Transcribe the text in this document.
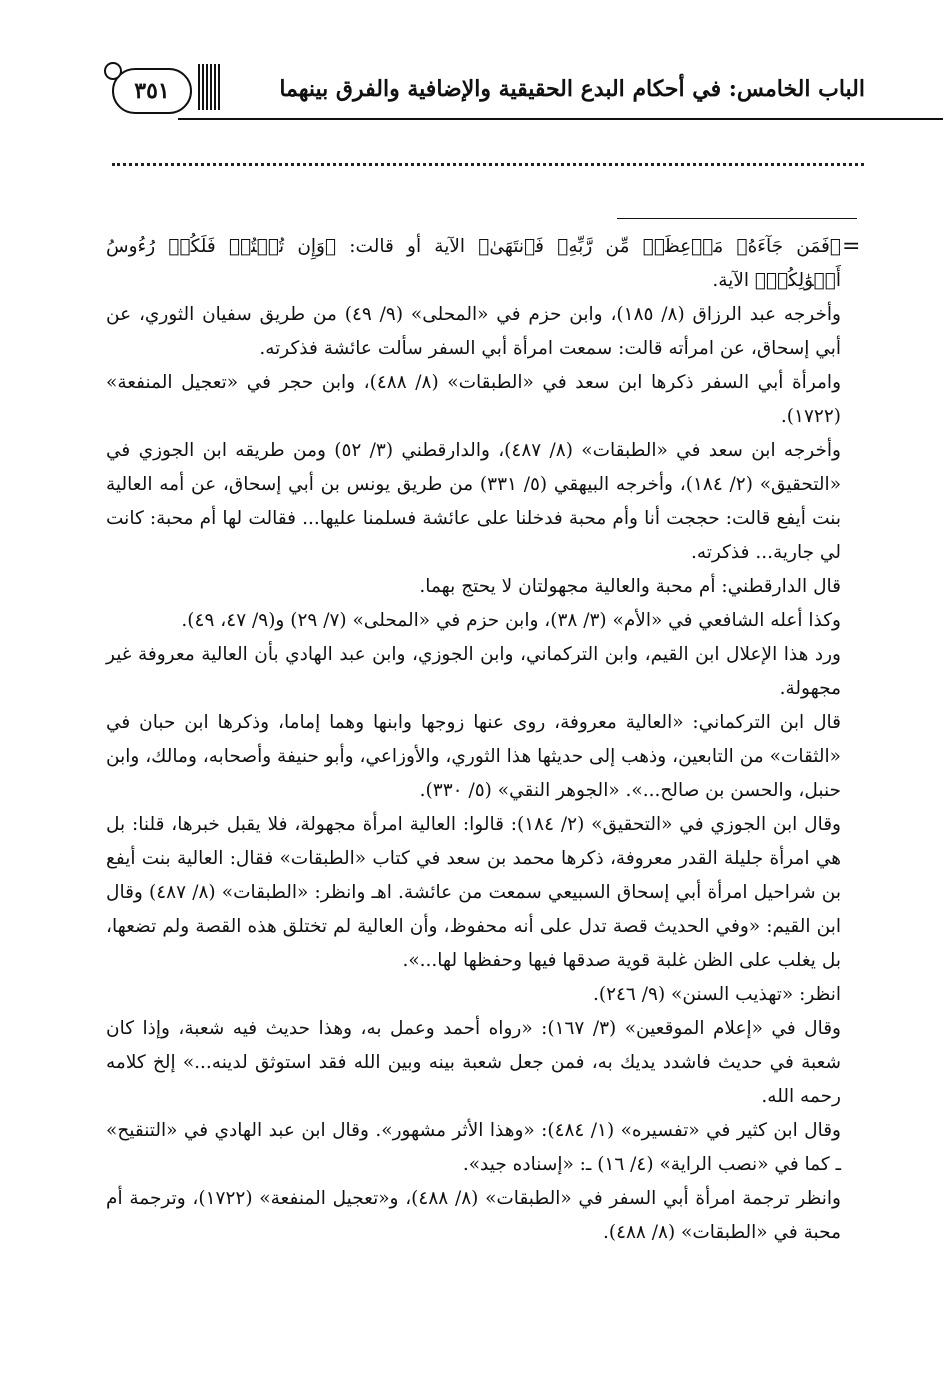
الباب الخامس: في أحكام البدع الحقيقية والإضافية والفرق بينهما
٣٥١
=

﴿فَمَن جَآءَهُۥ مَوۡعِظَةٞ مِّن رَّبِّهِۦ فَٱنتَهَىٰ﴾ الآية أو قالت: ﴿وَإِن تُبۡتُمۡ فَلَكُمۡ رُءُوسُ أَمۡوَٰلِكُمۡ﴾ الآية.

وأخرجه عبد الرزاق (٨/ ١٨٥)، وابن حزم في «المحلى» (٩/ ٤٩) من طريق سفيان الثوري، عن أبي إسحاق، عن امرأته قالت: سمعت امرأة أبي السفر سألت عائشة فذكرته.

وامرأة أبي السفر ذكرها ابن سعد في «الطبقات» (٨/ ٤٨٨)، وابن حجر في «تعجيل المنفعة» (١٧٢٢).

وأخرجه ابن سعد في «الطبقات» (٨/ ٤٨٧)، والدارقطني (٣/ ٥٢) ومن طريقه ابن الجوزي في «التحقيق» (٢/ ١٨٤)، وأخرجه البيهقي (٥/ ٣٣١) من طريق يونس بن أبي إسحاق، عن أمه العالية بنت أيفع قالت: حججت أنا وأم محبة فدخلنا على عائشة فسلمنا عليها... فقالت لها أم محبة: كانت لي جارية... فذكرته.

قال الدارقطني: أم محبة والعالية مجهولتان لا يحتج بهما.

وكذا أعله الشافعي في «الأم» (٣/ ٣٨)، وابن حزم في «المحلى» (٧/ ٢٩) و(٩/ ٤٧، ٤٩).

ورد هذا الإعلال ابن القيم، وابن التركماني، وابن الجوزي، وابن عبد الهادي بأن العالية معروفة غير مجهولة.

قال ابن التركماني: «العالية معروفة، روى عنها زوجها وابنها وهما إماما، وذكرها ابن حبان في «الثقات» من التابعين، وذهب إلى حديثها هذا الثوري، والأوزاعي، وأبو حنيفة وأصحابه، ومالك، وابن حنبل، والحسن بن صالح...». «الجوهر النقي» (٥/ ٣٣٠).

وقال ابن الجوزي في «التحقيق» (٢/ ١٨٤): قالوا: العالية امرأة مجهولة، فلا يقبل خبرها، قلنا: بل هي امرأة جليلة القدر معروفة، ذكرها محمد بن سعد في كتاب «الطبقات» فقال: العالية بنت أيفع بن شراحيل امرأة أبي إسحاق السبيعي سمعت من عائشة. اهـ وانظر: «الطبقات» (٨/ ٤٨٧) وقال ابن القيم: «وفي الحديث قصة تدل على أنه محفوظ، وأن العالية لم تختلق هذه القصة ولم تضعها، بل يغلب على الظن غلبة قوية صدقها فيها وحفظها لها...».

انظر: «تهذيب السنن» (٩/ ٢٤٦).

وقال في «إعلام الموقعين» (٣/ ١٦٧): «رواه أحمد وعمل به، وهذا حديث فيه شعبة، وإذا كان شعبة في حديث فاشدد يديك به، فمن جعل شعبة بينه وبين الله فقد استوثق لدينه...» إلخ كلامه رحمه الله.

وقال ابن كثير في «تفسيره» (١/ ٤٨٤): «وهذا الأثر مشهور». وقال ابن عبد الهادي في «التنقيح» ـ كما في «نصب الراية» (٤/ ١٦) ـ: «إسناده جيد».

وانظر ترجمة امرأة أبي السفر في «الطبقات» (٨/ ٤٨٨)، و«تعجيل المنفعة» (١٧٢٢)، وترجمة أم محبة في «الطبقات» (٨/ ٤٨٨).
